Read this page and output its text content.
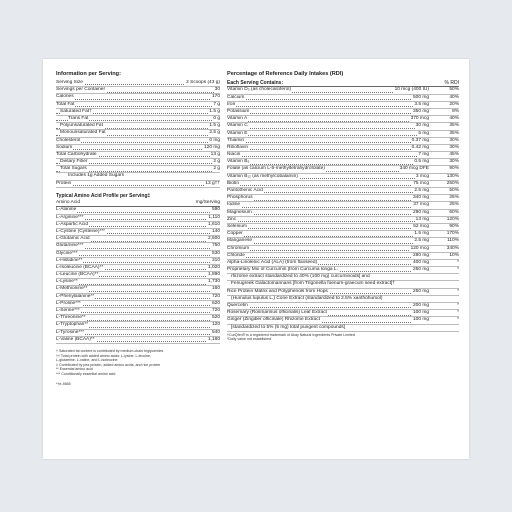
Information per Serving:
Serving Size	2 Scoops (43 g)
Servings per Container	30
Calories	170
Total Fat	7 g
Saturated Fat†	1.5 g
Trans Fat	0 g
Polyunsaturated Fat	1.5 g
Monounsaturated Fat	2.5 g
Cholesterol	0 mg
Sodium	120 mg
Total Carbohydrate	13 g
Dietary Fiber	2 g
Total Sugars	2 g
Includes 1g Added Sugars
Protein	13 g††
Typical Amino Acid Profile per Serving‡
Amino Acid	mg/Serving
L-Alanine	590
L-Arginine***	1,110
L-Aspartic Acid	1,610
L-Cystine (Cysteine)***	140
L-Glutamic Acid	2,500
Glutamine***	750
Glycine***	530
L-Histidine**	310
L-Isoleucine (BCAA)**	1,020
L-Leucine (BCAA)**	1,890
L-Lysine**	1,730
L-Methionine**	160
L-Phenylalanine**	720
L-Proline***	620
L-Serine***	720
L-Threonine**	520
L-Tryptophan**	120
L-Tyrosine***	540
L-Valine (BCAA)**	1,160
† Saturated fat content is contributed by medium-chain triglycerides
†† Total protein with added amino acids: L-lysine, L-leucine,
L-glutamine, L-valine, and L-isoleucine
‡ Contributed by pea protein, added amino acids, and rice protein
** Essential amino acid
*** Conditionally essential amino acid
*†e-4665
Percentage of Reference Daily Intakes (RDI)
Each Serving Contains:	% RDI
Vitamin D₃ (as cholecalciferol)	10 mcg (400 IU)	50%
Calcium	500 mg	40%
Iron	3.5 mg	20%
Potassium	350 mg	8%
Vitamin A	370 mcg	40%
Vitamin C	30 mg	35%
Vitamin E	5 mg	35%
Thiamin	0.37 mg	30%
Riboflavin	0.42 mg	30%
Niacin	7 mg	45%
Vitamin B₆	0.5 mg	30%
Folate (as calcium L-5-methyltetrahydrofolate)	340 mcg DFE	90%
Vitamin B₁₂ (as methylcobalamin)	3 mcg	130%
Biotin	75 mcg	250%
Pantothenic Acid	2.5 mg	50%
Phosphorus	340 mg	25%
Iodine	37 mcg	25%
Magnesium	290 mg	60%
Zinc	13 mg	120%
Selenium	52 mcg	90%
Copper	1.5 mg	170%
Manganese	2.5 mg	110%
Chromium	120 mcg	340%
Chloride	280 mg	10%
Alpha-Linolenic Acid (ALA) (from flaxseed)	400 mg	*
Proprietary Mix of Curcumin [from Curcuma longa L.	250 mg	*
rhizome extract standardized to 40% (100 mg) curcuminoids] and
Fenugreek Galactomannans [from Trigonella foenum-graecum seed extract]†
Rice Protein Matrix and Polyphenols from Hops	250 mg	*
(Humulus lupulus L.) Cone Extract (standardized to 2.5% xanthohumol)
Quercetin	200 mg	*
Rosemary (Rosmarinus officinalis) Leaf Extract	100 mg	*
Ginger (Zingiber officinale) Rhizome Extract	100 mg	*
[standardized to 5% (5 mg) total pungent compounds]
†CurQfen® is a registered trademark of Akay Natural Ingredients Private Limited
*Daily value not established
